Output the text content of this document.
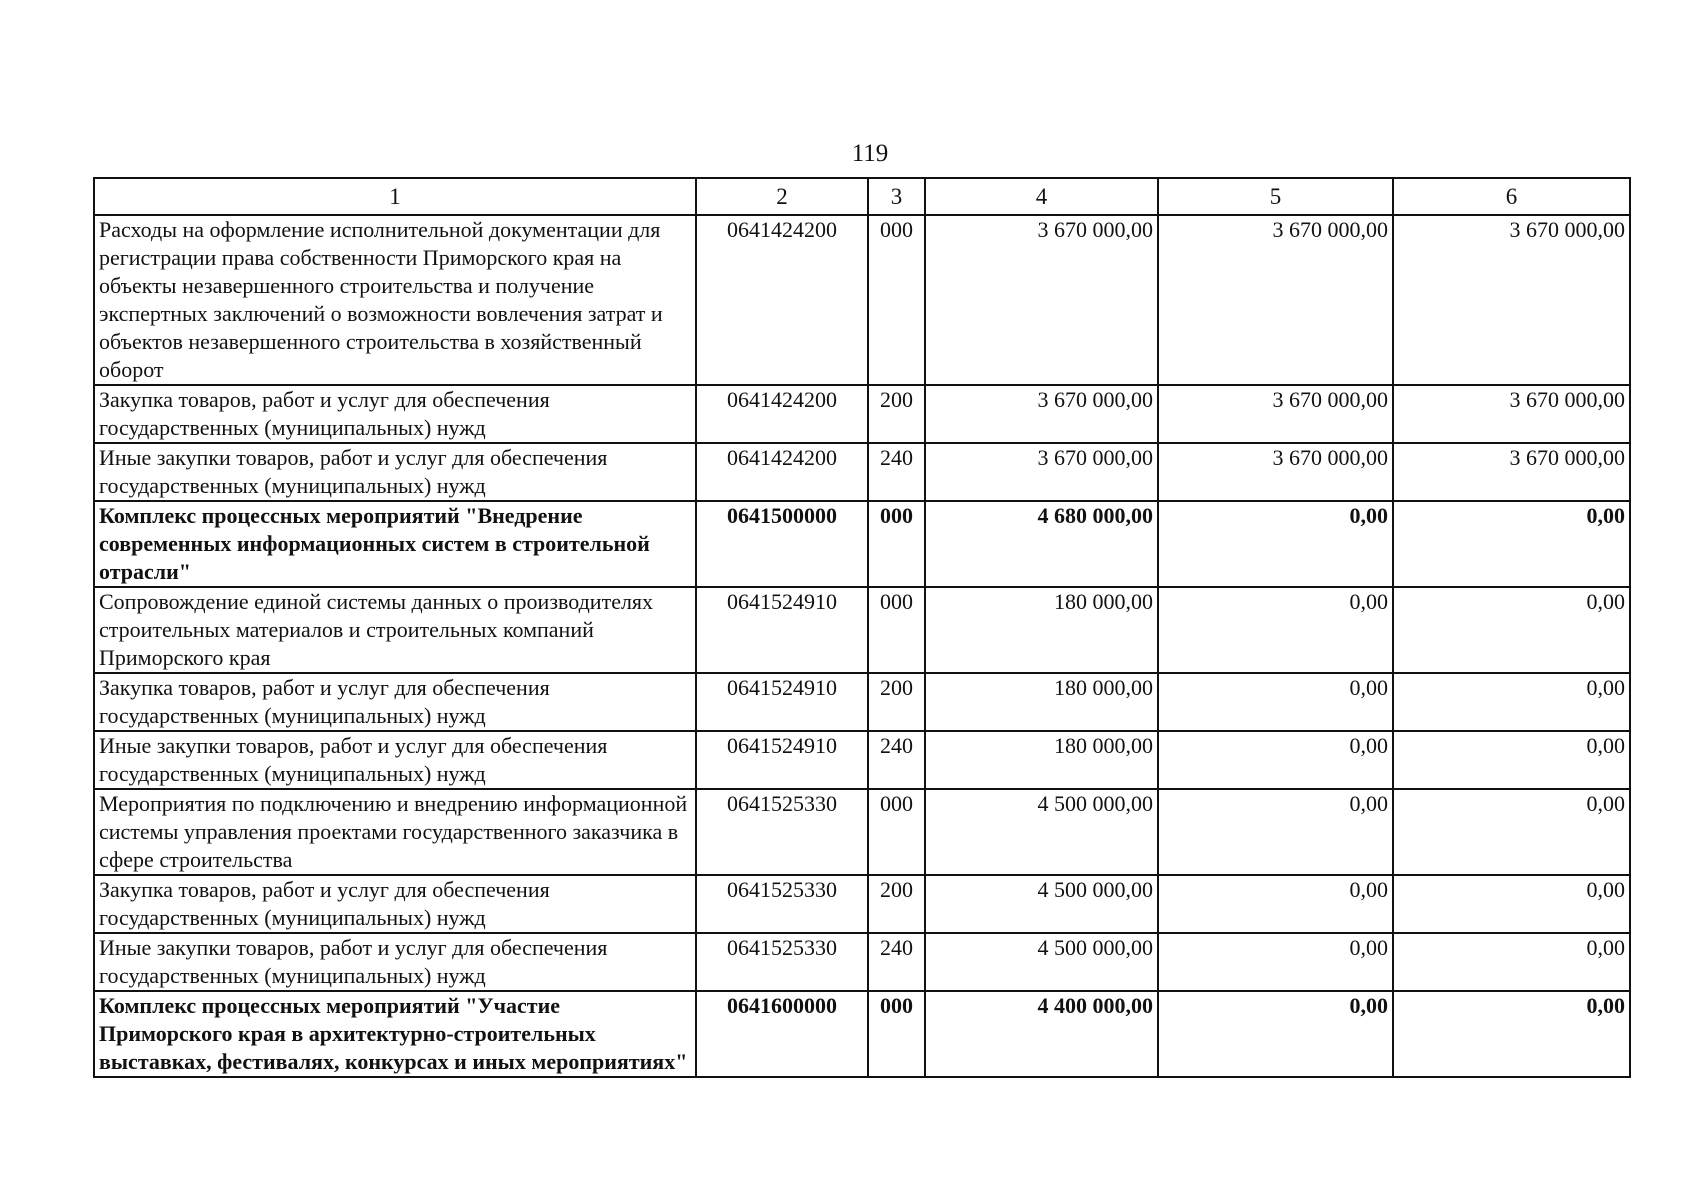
119
1	2	3	4	5	6
Расходы на оформление исполнительной документации для регистрации права собственности Приморского края на объекты незавершенного строительства и получение экспертных заключений о возможности вовлечения затрат и объектов незавершенного строительства в хозяйственный оборот	0641424200	000	3 670 000,00	3 670 000,00	3 670 000,00
Закупка товаров, работ и услуг для обеспечения государственных (муниципальных) нужд	0641424200	200	3 670 000,00	3 670 000,00	3 670 000,00
Иные закупки товаров, работ и услуг для обеспечения государственных (муниципальных) нужд	0641424200	240	3 670 000,00	3 670 000,00	3 670 000,00
Комплекс процессных мероприятий "Внедрение современных информационных систем в строительной отрасли"	0641500000	000	4 680 000,00	0,00	0,00
Сопровождение единой системы данных о производителях строительных материалов и строительных компаний Приморского края	0641524910	000	180 000,00	0,00	0,00
Закупка товаров, работ и услуг для обеспечения государственных (муниципальных) нужд	0641524910	200	180 000,00	0,00	0,00
Иные закупки товаров, работ и услуг для обеспечения государственных (муниципальных) нужд	0641524910	240	180 000,00	0,00	0,00
Мероприятия по подключению и внедрению информационной системы управления проектами государственного заказчика в сфере строительства	0641525330	000	4 500 000,00	0,00	0,00
Закупка товаров, работ и услуг для обеспечения государственных (муниципальных) нужд	0641525330	200	4 500 000,00	0,00	0,00
Иные закупки товаров, работ и услуг для обеспечения государственных (муниципальных) нужд	0641525330	240	4 500 000,00	0,00	0,00
Комплекс процессных мероприятий "Участие Приморского края в архитектурно-строительных выставках, фестивалях, конкурсах и иных мероприятиях"	0641600000	000	4 400 000,00	0,00	0,00
